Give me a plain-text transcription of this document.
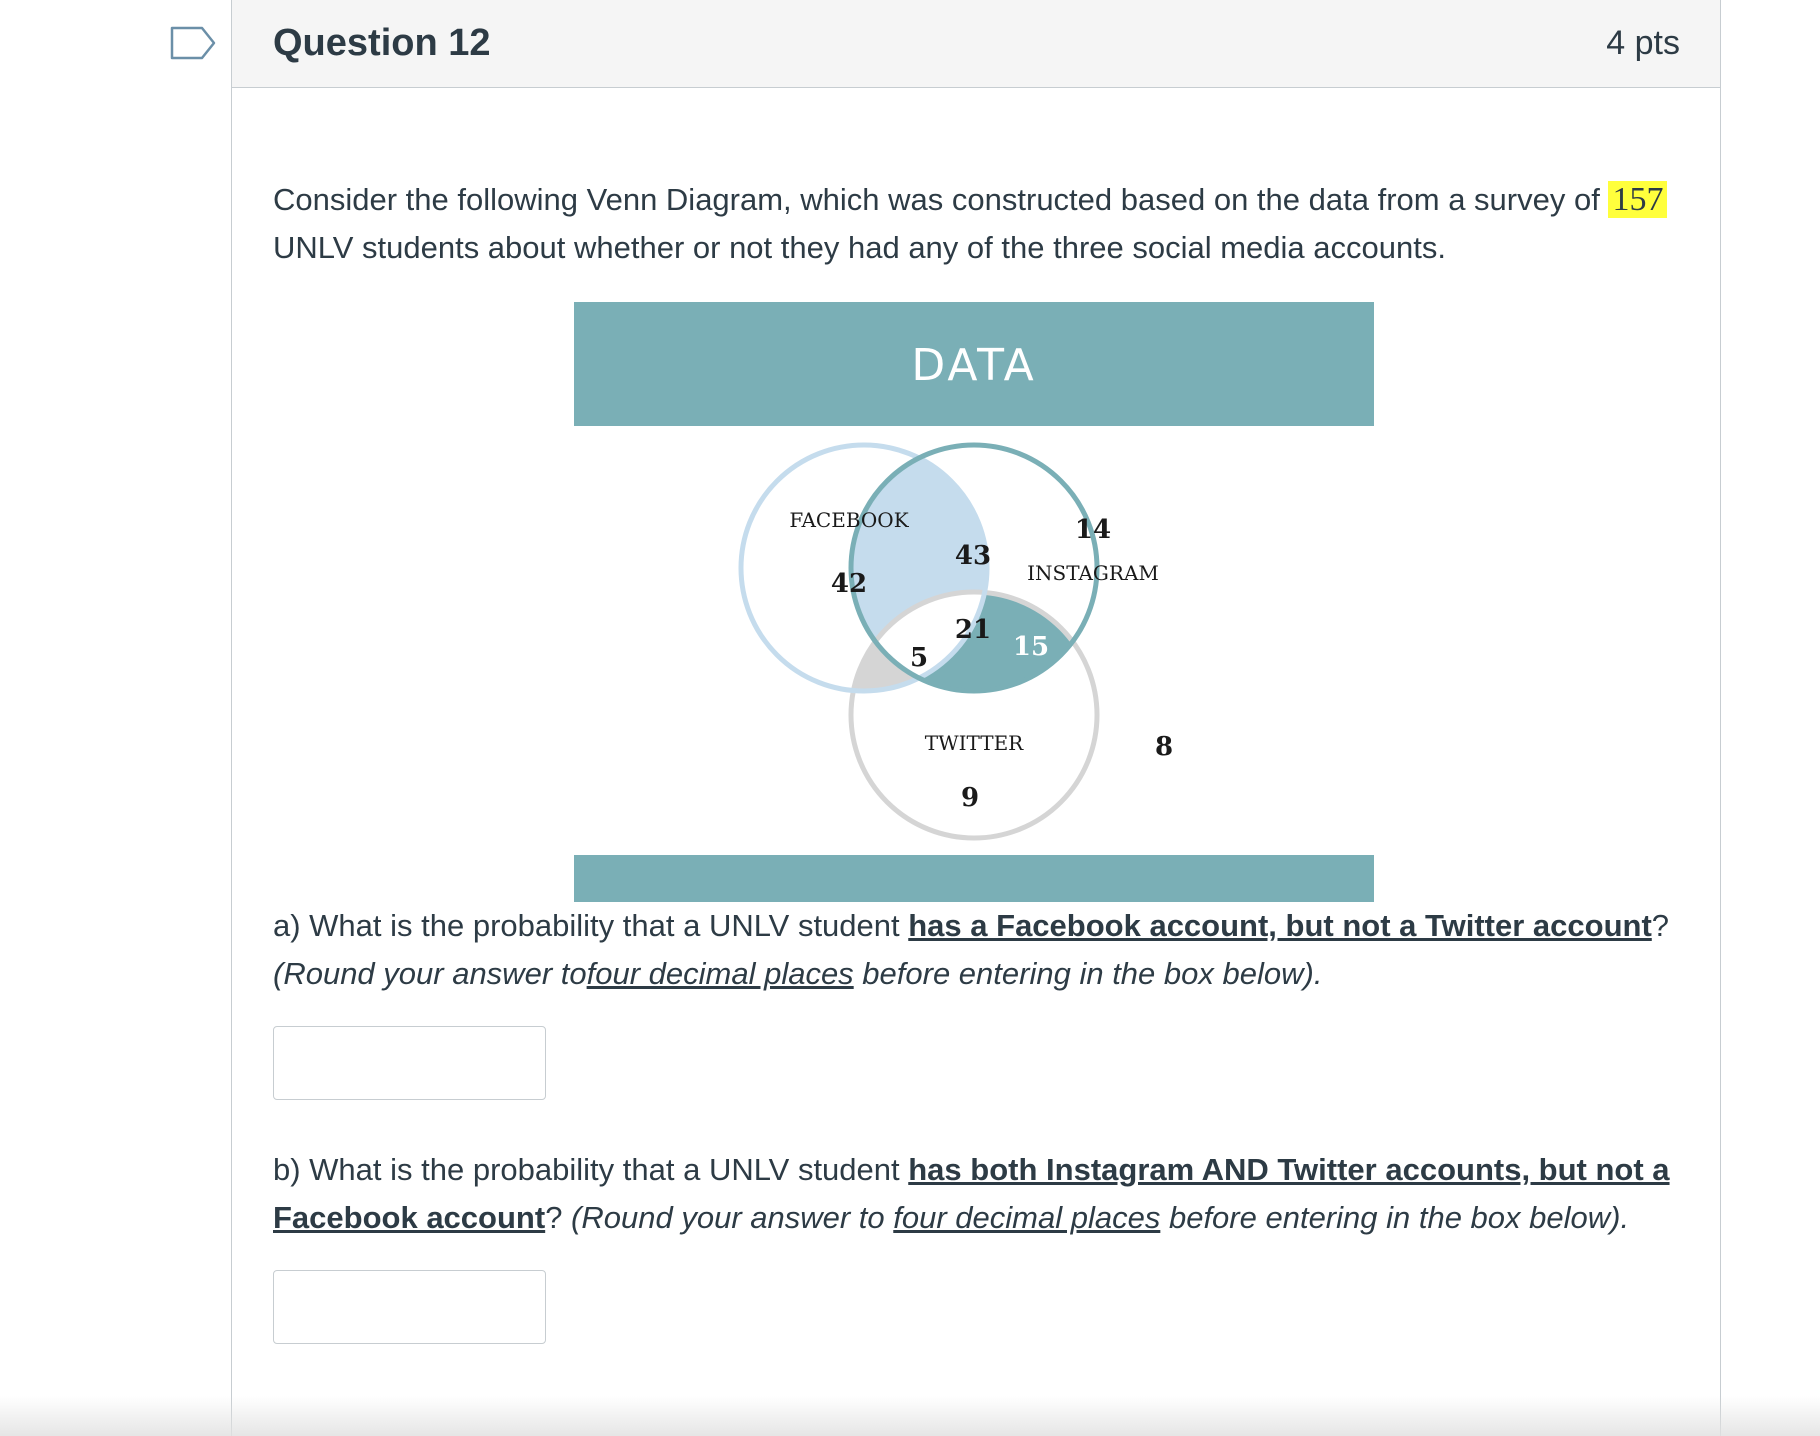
Question 12	4 pts

Consider the following Venn Diagram, which was constructed based on the data from a survey of 157 UNLV students about whether or not they had any of the three social media accounts.

DATA
FACEBOOK
INSTAGRAM
TWITTER
42
43
14
21
5	15
9
8

a) What is the probability that a UNLV student has a Facebook account, but not a Twitter account?
(Round your answer tofour decimal places before entering in the box below).

b) What is the probability that a UNLV student has both Instagram AND Twitter accounts, but not a Facebook account? (Round your answer to four decimal places before entering in the box below).
